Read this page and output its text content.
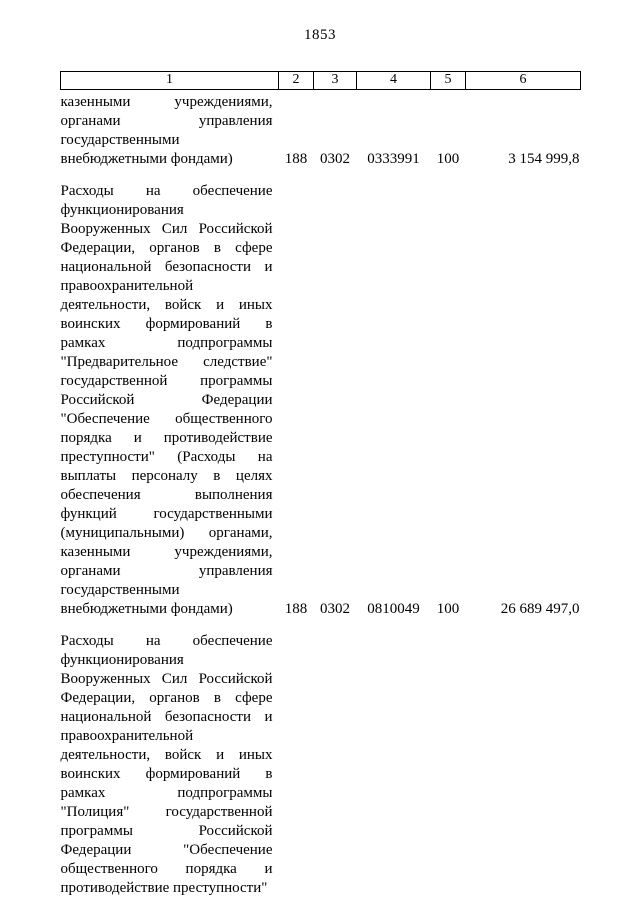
1853
1	2	3	4	5	6
казенными учреждениями, органами управления государственными внебюджетными фондами)	188	0302	0333991	100	3 154 999,8
Расходы на обеспечение функционирования Вооруженных Сил Российской Федерации, органов в сфере национальной безопасности и правоохранительной деятельности, войск и иных воинских формирований в рамках подпрограммы "Предварительное следствие" государственной программы Российской Федерации "Обеспечение общественного порядка и противодействие преступности" (Расходы на выплаты персоналу в целях обеспечения выполнения функций государственными (муниципальными) органами, казенными учреждениями, органами управления государственными внебюджетными фондами)	188	0302	0810049	100	26 689 497,0
Расходы на обеспечение функционирования Вооруженных Сил Российской Федерации, органов в сфере национальной безопасности и правоохранительной деятельности, войск и иных воинских формирований в рамках подпрограммы "Полиция" государственной программы Российской Федерации "Обеспечение общественного порядка и противодействие преступности"					
